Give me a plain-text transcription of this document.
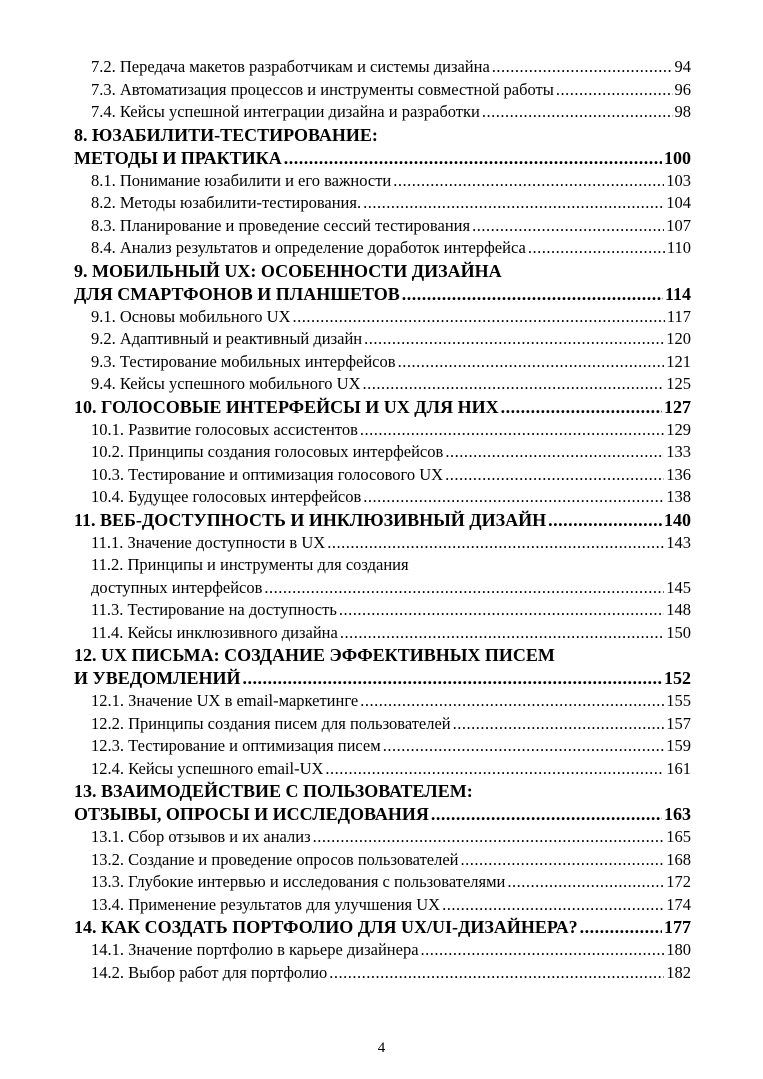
7.2. Передача макетов разработчикам и системы дизайна .....	94
7.3. Автоматизация процессов и инструменты совместной работы .....	96
7.4. Кейсы успешной интеграции дизайна и разработки .....	98
8. ЮЗАБИЛИТИ-ТЕСТИРОВАНИЕ:
МЕТОДЫ И ПРАКТИКА .....	100
8.1. Понимание юзабилити и его важности .....	103
8.2. Методы юзабилити-тестирования. .....	104
8.3. Планирование и проведение сессий тестирования .....	107
8.4. Анализ результатов и определение доработок интерфейса .....	110
9. МОБИЛЬНЫЙ UX: ОСОБЕННОСТИ ДИЗАЙНА
ДЛЯ СМАРТФОНОВ И ПЛАНШЕТОВ .....	114
9.1. Основы мобильного UX .....	117
9.2. Адаптивный и реактивный дизайн .....	120
9.3. Тестирование мобильных интерфейсов .....	121
9.4. Кейсы успешного мобильного UX .....	125
10. ГОЛОСОВЫЕ ИНТЕРФЕЙСЫ И UX ДЛЯ НИХ .....	127
10.1. Развитие голосовых ассистентов .....	129
10.2. Принципы создания голосовых интерфейсов .....	133
10.3. Тестирование и оптимизация голосового UX .....	136
10.4. Будущее голосовых интерфейсов .....	138
11. ВЕБ-ДОСТУПНОСТЬ И ИНКЛЮЗИВНЫЙ ДИЗАЙН .....	140
11.1. Значение доступности в UX .....	143
11.2. Принципы и инструменты для создания
доступных интерфейсов .....	145
11.3. Тестирование на доступность .....	148
11.4. Кейсы инклюзивного дизайна .....	150
12. UX ПИСЬМА: СОЗДАНИЕ ЭФФЕКТИВНЫХ ПИСЕМ
И УВЕДОМЛЕНИЙ .....	152
12.1. Значение UX в email-маркетинге .....	155
12.2. Принципы создания писем для пользователей .....	157
12.3. Тестирование и оптимизация писем .....	159
12.4. Кейсы успешного email-UX .....	161
13. ВЗАИМОДЕЙСТВИЕ С ПОЛЬЗОВАТЕЛЕМ:
ОТЗЫВЫ, ОПРОСЫ И ИССЛЕДОВАНИЯ .....	163
13.1. Сбор отзывов и их анализ .....	165
13.2. Создание и проведение опросов пользователей .....	168
13.3. Глубокие интервью и исследования с пользователями .....	172
13.4. Применение результатов для улучшения UX .....	174
14. КАК СОЗДАТЬ ПОРТФОЛИО ДЛЯ UX/UI-ДИЗАЙНЕРА? .....	177
14.1. Значение портфолио в карьере дизайнера .....	180
14.2. Выбор работ для портфолио .....	182
4
